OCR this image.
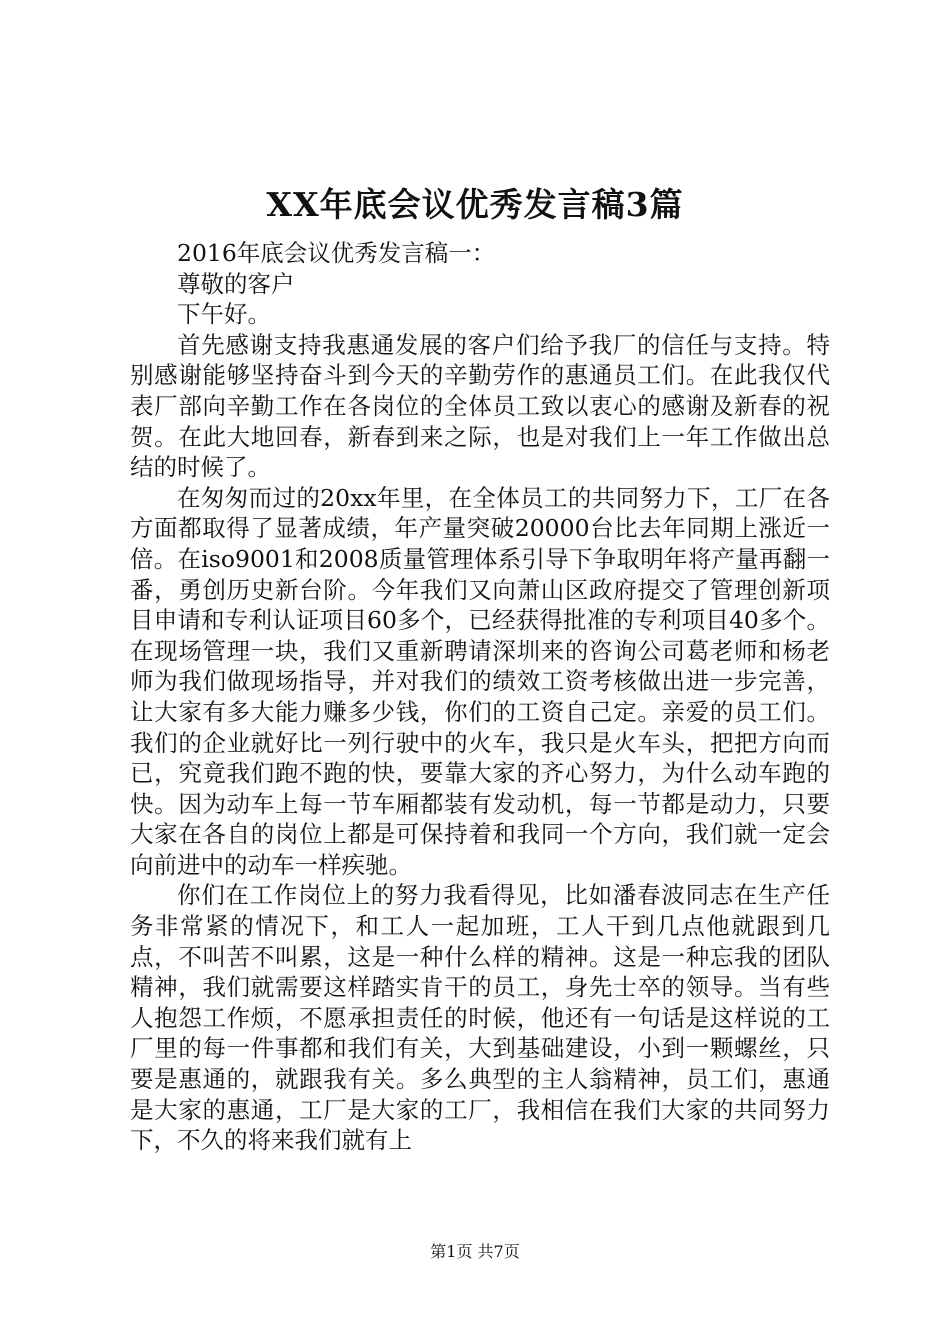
XX年底会议优秀发言稿3篇

2016年底会议优秀发言稿一：

尊敬的客户

下午好。

首先感谢支持我惠通发展的客户们给予我厂的信任与支持。特别感谢能够坚持奋斗到今天的辛勤劳作的惠通员工们。在此我仅代表厂部向辛勤工作在各岗位的全体员工致以衷心的感谢及新春的祝贺。在此大地回春，新春到来之际，也是对我们上一年工作做出总结的时候了。

在匆匆而过的20xx年里，在全体员工的共同努力下，工厂在各方面都取得了显著成绩，年产量突破20000台比去年同期上涨近一倍。在iso9001和2008质量管理体系引导下争取明年将产量再翻一番，勇创历史新台阶。今年我们又向萧山区政府提交了管理创新项目申请和专利认证项目60多个，已经获得批准的专利项目40多个。在现场管理一块，我们又重新聘请深圳来的咨询公司葛老师和杨老师为我们做现场指导，并对我们的绩效工资考核做出进一步完善，让大家有多大能力赚多少钱，你们的工资自己定。亲爱的员工们。我们的企业就好比一列行驶中的火车，我只是火车头，把把方向而已，究竟我们跑不跑的快，要靠大家的齐心努力，为什么动车跑的快。因为动车上每一节车厢都装有发动机，每一节都是动力，只要大家在各自的岗位上都是可保持着和我同一个方向，我们就一定会向前进中的动车一样疾驰。

你们在工作岗位上的努力我看得见，比如潘春波同志在生产任务非常紧的情况下，和工人一起加班，工人干到几点他就跟到几点，不叫苦不叫累，这是一种什么样的精神。这是一种忘我的团队精神，我们就需要这样踏实肯干的员工，身先士卒的领导。当有些人抱怨工作烦，不愿承担责任的时候，他还有一句话是这样说的工厂里的每一件事都和我们有关，大到基础建设，小到一颗螺丝，只要是惠通的，就跟我有关。多么典型的主人翁精神，员工们，惠通是大家的惠通，工厂是大家的工厂，我相信在我们大家的共同努力下，不久的将来我们就有上

第1页 共7页
